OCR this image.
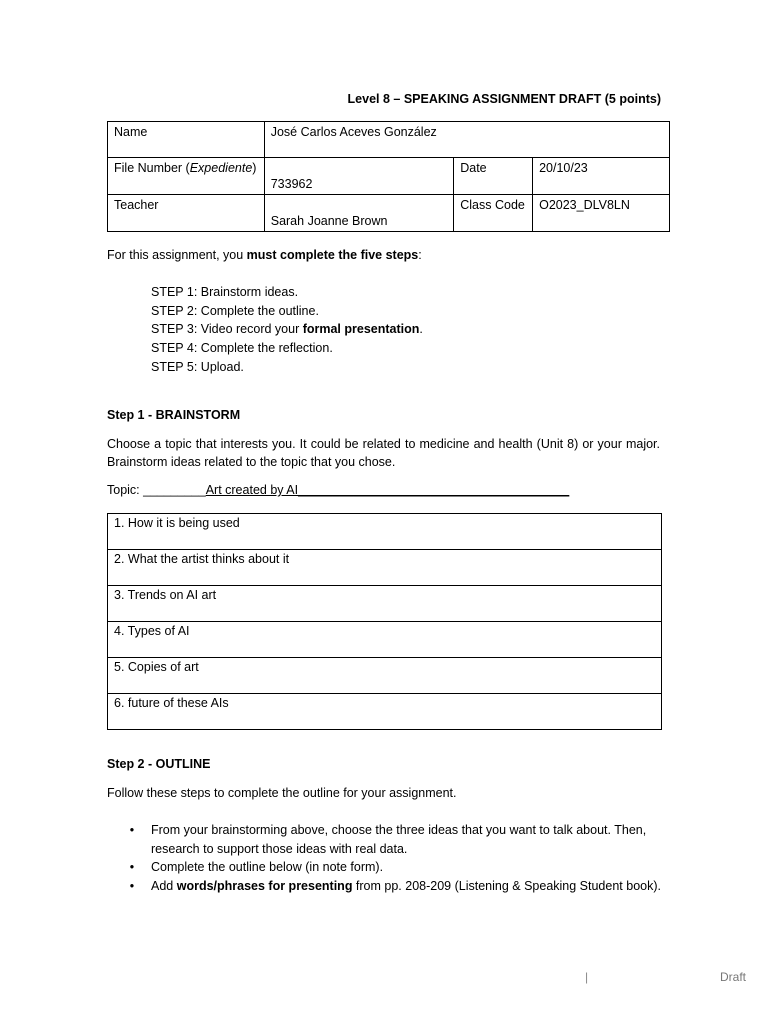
Level 8 – SPEAKING ASSIGNMENT DRAFT (5 points)
Name	José Carlos Aceves González		
File Number (Expediente)	733962	Date	20/10/23
Teacher	Sarah Joanne Brown	Class Code	O2023_DLV8LN
For this assignment, you must complete the five steps:
STEP 1: Brainstorm ideas.
STEP 2: Complete the outline.
STEP 3: Video record your formal presentation.
STEP 4: Complete the reflection.
STEP 5: Upload.
Step 1 - BRAINSTORM
Choose a topic that interests you. It could be related to medicine and health (Unit 8) or your major. Brainstorm ideas related to the topic that you chose.
Topic: _________Art created by AI_______________________________________
1. How it is being used
2. What the artist thinks about it
3. Trends on AI art
4. Types of AI
5. Copies of art
6. future of these AIs
Step 2 - OUTLINE
Follow these steps to complete the outline for your assignment.
• From your brainstorming above, choose the three ideas that you want to talk about. Then, research to support those ideas with real data.
• Complete the outline below (in note form).
• Add words/phrases for presenting from pp. 208-209 (Listening & Speaking Student book).
|	Draft
